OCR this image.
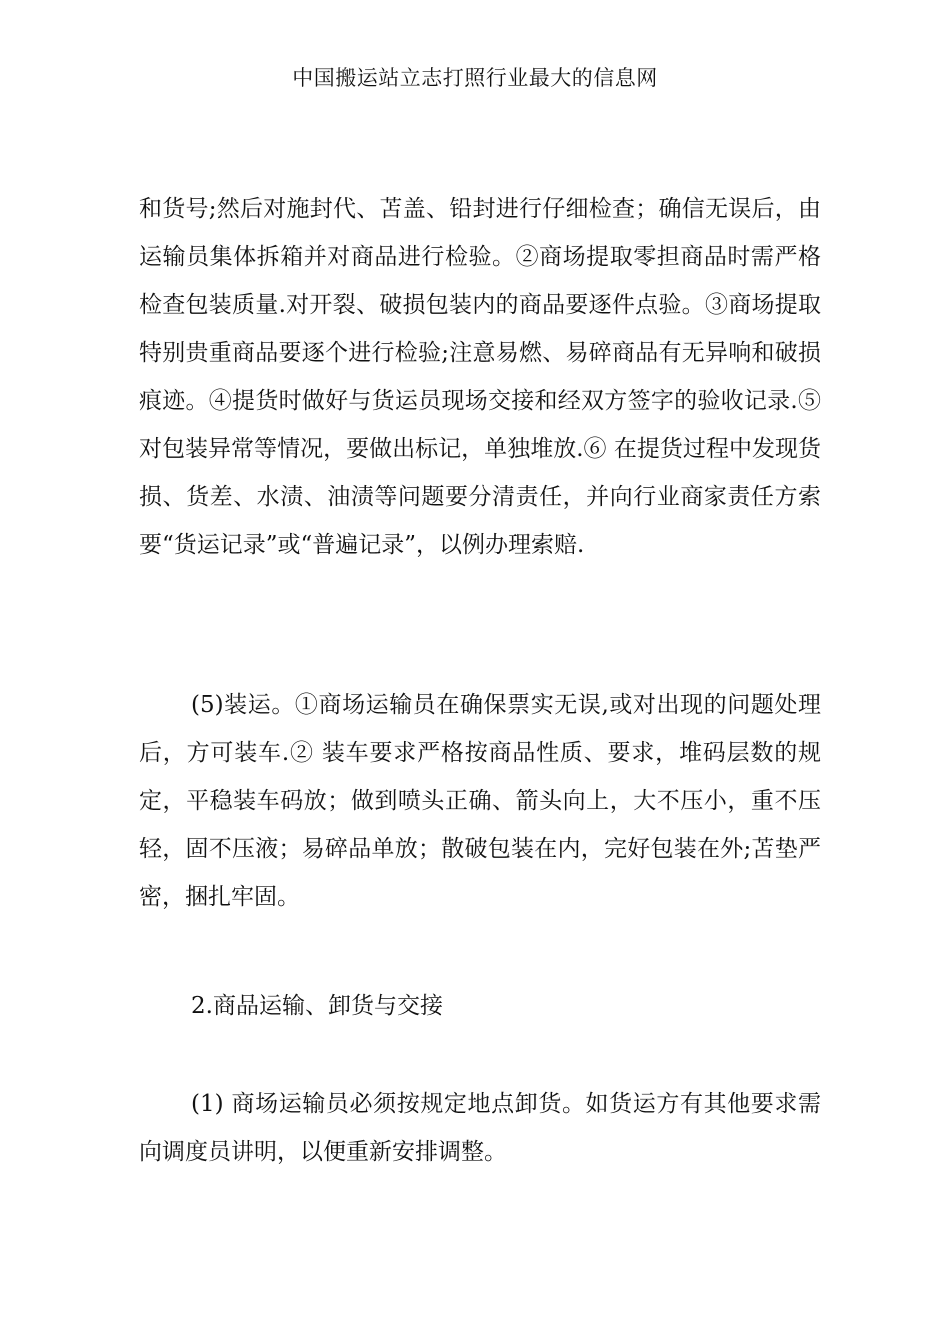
中国搬运站立志打照行业最大的信息网

和货号;然后对施封代、苫盖、铅封进行仔细检查；确信无误后，由运输员集体拆箱并对商品进行检验。②商场提取零担商品时需严格检查包装质量.对开裂、破损包装内的商品要逐件点验。③商场提取特别贵重商品要逐个进行检验;注意易燃、易碎商品有无异响和破损痕迹。④提货时做好与货运员现场交接和经双方签字的验收记录.⑤ 对包装异常等情况，要做出标记，单独堆放.⑥ 在提货过程中发现货损、货差、水渍、油渍等问题要分清责任，并向行业商家责任方索要“货运记录”或“普遍记录”，以例办理索赔.

(5)装运。①商场运输员在确保票实无误,或对出现的问题处理后，方可装车.② 装车要求严格按商品性质、要求，堆码层数的规定，平稳装车码放；做到喷头正确、箭头向上，大不压小，重不压轻，固不压液；易碎品单放；散破包装在内，完好包装在外;苫垫严密，捆扎牢固。

2.商品运输、卸货与交接

(1) 商场运输员必须按规定地点卸货。如货运方有其他要求需向调度员讲明，以便重新安排调整。
